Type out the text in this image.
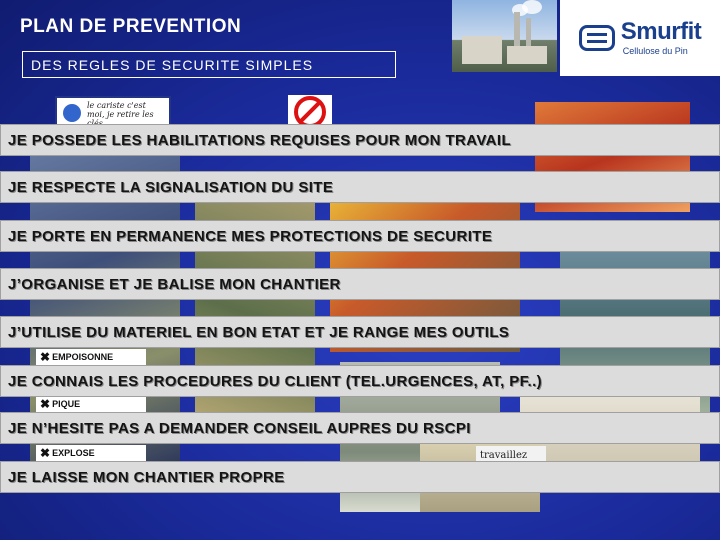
PLAN DE PREVENTION
DES REGLES DE SECURITE SIMPLES
Smurfit
Cellulose du Pin
le cariste c'est moi, je retire les
✖ EMPOISONNE
✖ PIQUE
✖ EXPLOSE	travaillez
JE POSSEDE LES HABILITATIONS REQUISES POUR MON TRAVAIL
JE RESPECTE LA SIGNALISATION DU SITE
JE PORTE EN PERMANENCE MES PROTECTIONS DE SECURITE
J’ORGANISE ET JE BALISE MON CHANTIER
J’UTILISE DU MATERIEL EN BON ETAT ET JE RANGE MES OUTILS
JE CONNAIS LES PROCEDURES DU CLIENT (TEL.URGENCES, AT, PF..)
JE N’HESITE PAS A DEMANDER CONSEIL AUPRES DU RSCPI
JE LAISSE MON CHANTIER PROPRE
